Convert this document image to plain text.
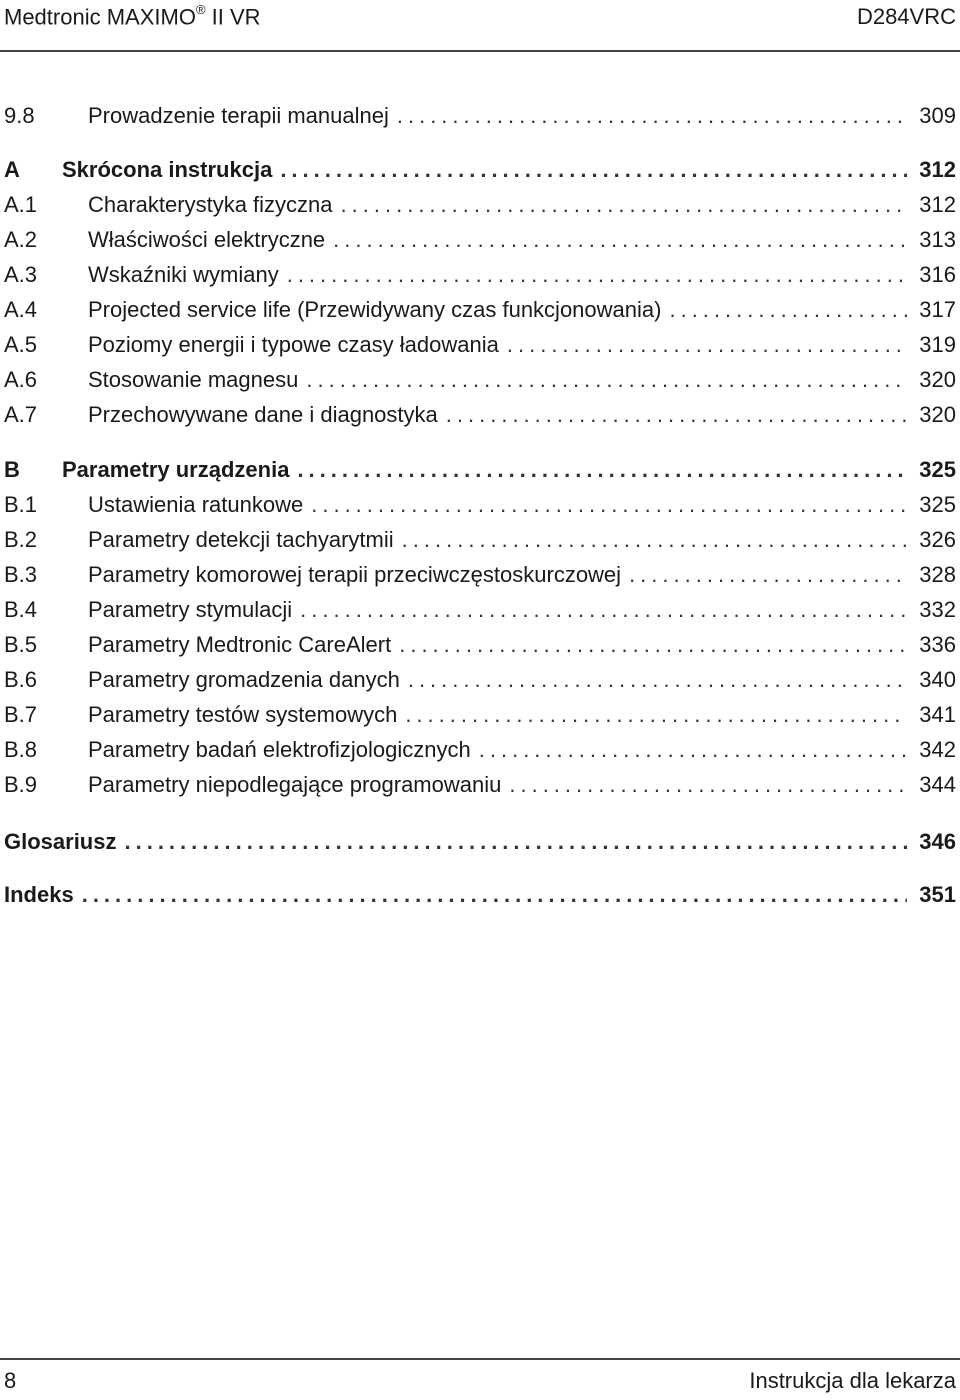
Medtronic MAXIMO® II VR	D284VRC
9.8 Prowadzenie terapii manualnej .....	309
A Skrócona instrukcja .....	312
A.1 Charakterystyka fizyczna .....	312
A.2 Właściwości elektryczne .....	313
A.3 Wskaźniki wymiany .....	316
A.4 Projected service life (Przewidywany czas funkcjonowania) .....	317
A.5 Poziomy energii i typowe czasy ładowania .....	319
A.6 Stosowanie magnesu .....	320
A.7 Przechowywane dane i diagnostyka .....	320
B Parametry urządzenia .....	325
B.1 Ustawienia ratunkowe .....	325
B.2 Parametry detekcji tachyarytmii .....	326
B.3 Parametry komorowej terapii przeciwczęstoskurczowej .....	328
B.4 Parametry stymulacji .....	332
B.5 Parametry Medtronic CareAlert .....	336
B.6 Parametry gromadzenia danych .....	340
B.7 Parametry testów systemowych .....	341
B.8 Parametry badań elektrofizjologicznych .....	342
B.9 Parametry niepodlegające programowaniu .....	344
Glosariusz .....	346
Indeks .....	351
8	Instrukcja dla lekarza
